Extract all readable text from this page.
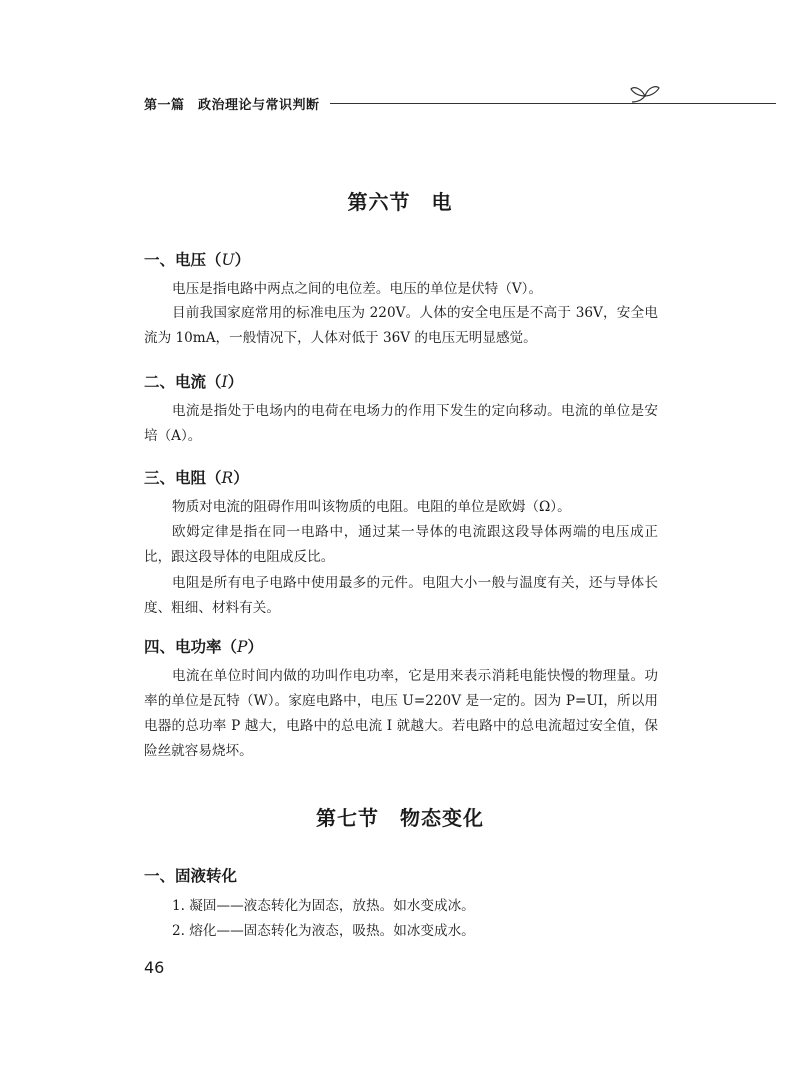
第一篇　政治理论与常识判断
第六节　电
一、电压（U）
电压是指电路中两点之间的电位差。电压的单位是伏特（V）。
目前我国家庭常用的标准电压为 220V。人体的安全电压是不高于 36V，安全电流为 10mA，一般情况下，人体对低于 36V 的电压无明显感觉。
二、电流（I）
电流是指处于电场内的电荷在电场力的作用下发生的定向移动。电流的单位是安培（A）。
三、电阻（R）
物质对电流的阻碍作用叫该物质的电阻。电阻的单位是欧姆（Ω）。
欧姆定律是指在同一电路中，通过某一导体的电流跟这段导体两端的电压成正比，跟这段导体的电阻成反比。
电阻是所有电子电路中使用最多的元件。电阻大小一般与温度有关，还与导体长度、粗细、材料有关。
四、电功率（P）
电流在单位时间内做的功叫作电功率，它是用来表示消耗电能快慢的物理量。功率的单位是瓦特（W）。家庭电路中，电压 U=220V 是一定的。因为 P=UI，所以用电器的总功率 P 越大，电路中的总电流 I 就越大。若电路中的总电流超过安全值，保险丝就容易烧坏。
第七节　物态变化
一、固液转化
1. 凝固——液态转化为固态，放热。如水变成冰。
2. 熔化——固态转化为液态，吸热。如冰变成水。
46
